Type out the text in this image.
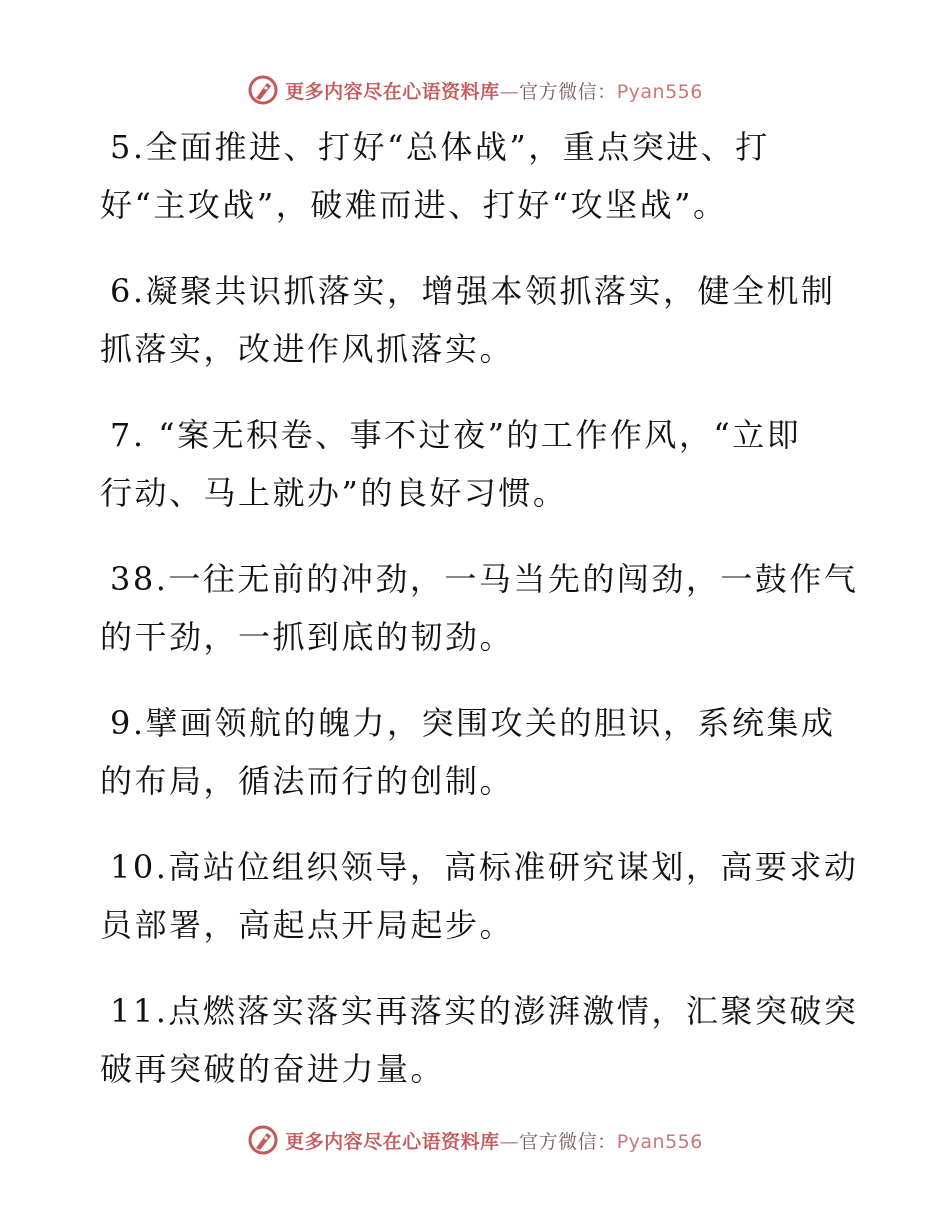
更多内容尽在心语资料库—官方微信：Pyan556
5.全面推进、打好“总体战”，重点突进、打
好“主攻战”，破难而进、打好“攻坚战”。
6.凝聚共识抓落实，增强本领抓落实，健全机制
抓落实，改进作风抓落实。
7. “案无积卷、事不过夜”的工作作风，“立即
行动、马上就办”的良好习惯。
38.一往无前的冲劲，一马当先的闯劲，一鼓作气
的干劲，一抓到底的韧劲。
9.擘画领航的魄力，突围攻关的胆识，系统集成
的布局，循法而行的创制。
10.高站位组织领导，高标准研究谋划，高要求动
员部署，高起点开局起步。
11.点燃落实落实再落实的澎湃激情，汇聚突破突
破再突破的奋进力量。
更多内容尽在心语资料库—官方微信：Pyan556
